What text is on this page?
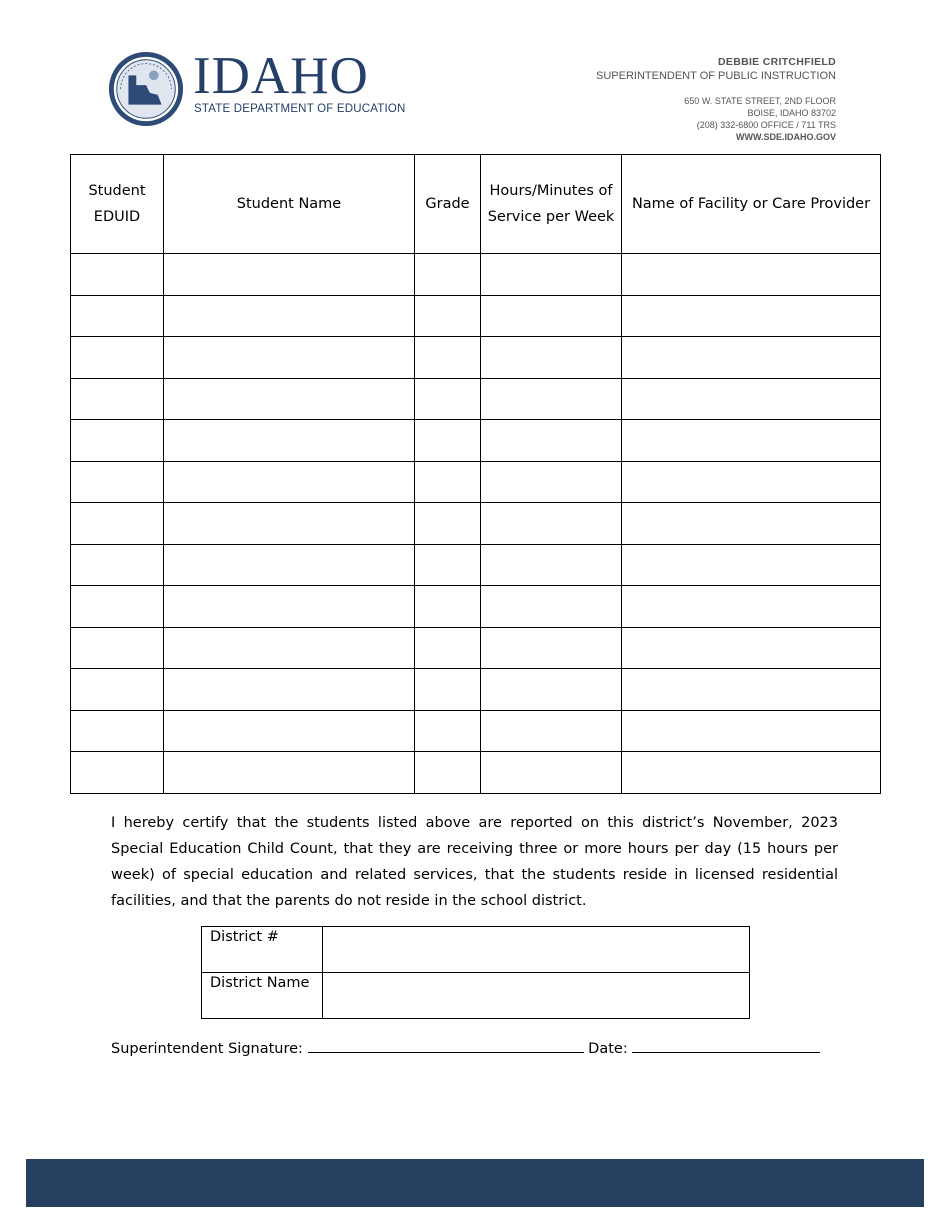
IDAHO
STATE DEPARTMENT OF EDUCATION
DEBBIE CRITCHFIELD
SUPERINTENDENT OF PUBLIC INSTRUCTION
650 W. STATE STREET, 2ND FLOOR
BOISE, IDAHO 83702
(208) 332-6800 OFFICE / 711 TRS
WWW.SDE.IDAHO.GOV
Student EDUID	Student Name	Grade	Hours/Minutes of Service per Week	Name of Facility or Care Provider

I hereby certify that the students listed above are reported on this district’s November, 2023 Special Education Child Count, that they are receiving three or more hours per day (15 hours per week) of special education and related services, that the students reside in licensed residential facilities, and that the parents do not reside in the school district.

District #	
District Name	
Superintendent Signature:	Date:
